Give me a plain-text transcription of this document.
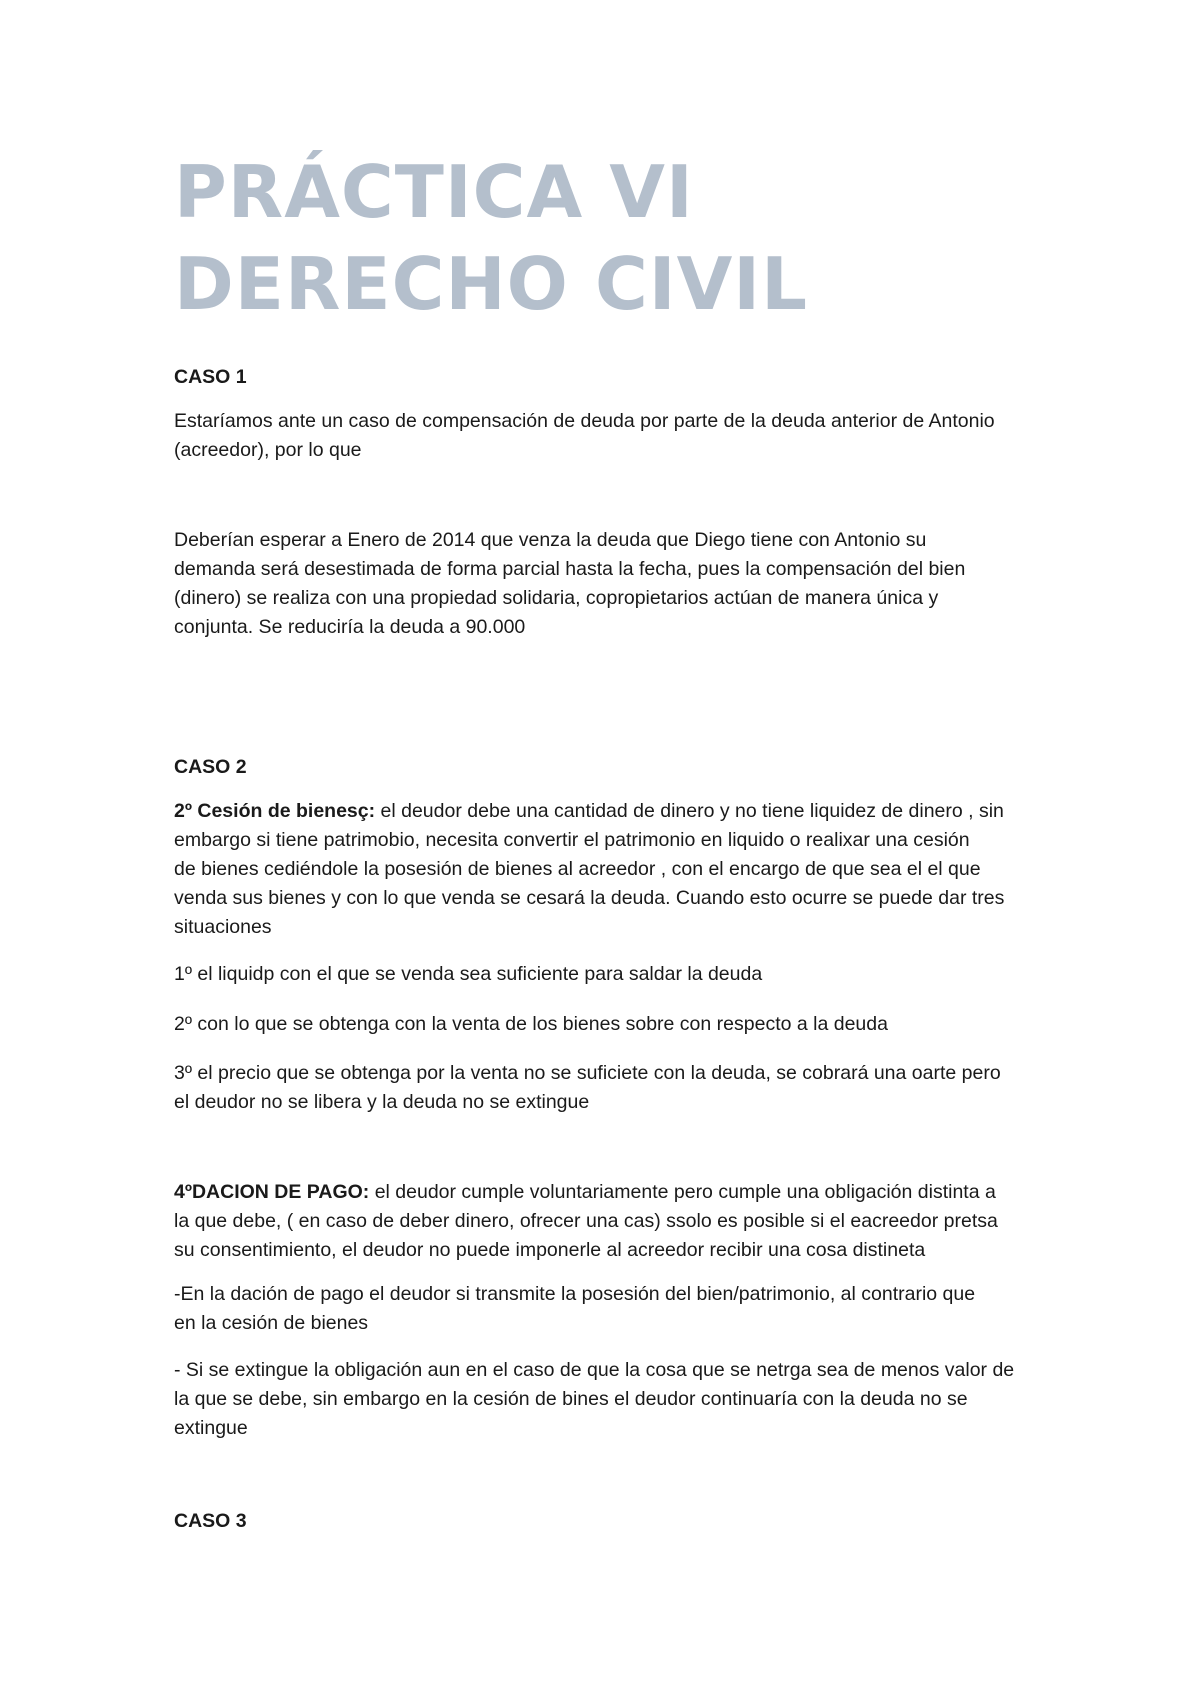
PRÁCTICA VI
DERECHO CIVIL

CASO 1

Estaríamos ante un caso de compensación de deuda por parte de la deuda anterior de Antonio
(acreedor), por lo que

Deberían esperar a Enero de 2014 que venza la deuda que Diego tiene con Antonio su
demanda será desestimada de forma parcial hasta la fecha, pues la compensación del bien
(dinero) se realiza con una propiedad solidaria, copropietarios actúan de manera única y
conjunta. Se reduciría la deuda a 90.000

CASO 2

2º Cesión de bienesç: el deudor debe una cantidad de dinero y no tiene liquidez de dinero , sin
embargo si tiene patrimobio, necesita convertir el patrimonio en liquido o realixar una cesión
de bienes cediéndole la posesión de bienes al acreedor , con el encargo de que sea el el que
venda sus bienes y con lo que venda se cesará la deuda. Cuando esto ocurre se puede dar tres
situaciones

1º el liquidp con el que se venda sea suficiente para saldar la deuda

2º con lo que se obtenga con la venta de los bienes sobre con respecto a la deuda

3º el precio que se obtenga por la venta no se suficiete con la deuda, se cobrará una oarte pero
el deudor no se libera y la deuda no se extingue

4ºDACION DE PAGO: el deudor cumple voluntariamente pero cumple una obligación distinta a
la que debe, ( en caso de deber dinero, ofrecer una cas) ssolo es posible si el eacreedor pretsa
su consentimiento, el deudor no puede imponerle al acreedor recibir una cosa distineta

-En la dación de pago el deudor si transmite la posesión del bien/patrimonio, al contrario que
en la cesión de bienes

- Si se extingue la obligación aun en el caso de que la cosa que se netrga sea de menos valor de
la que se debe, sin embargo en la cesión de bines el deudor continuaría con la deuda no se
extingue

CASO 3
